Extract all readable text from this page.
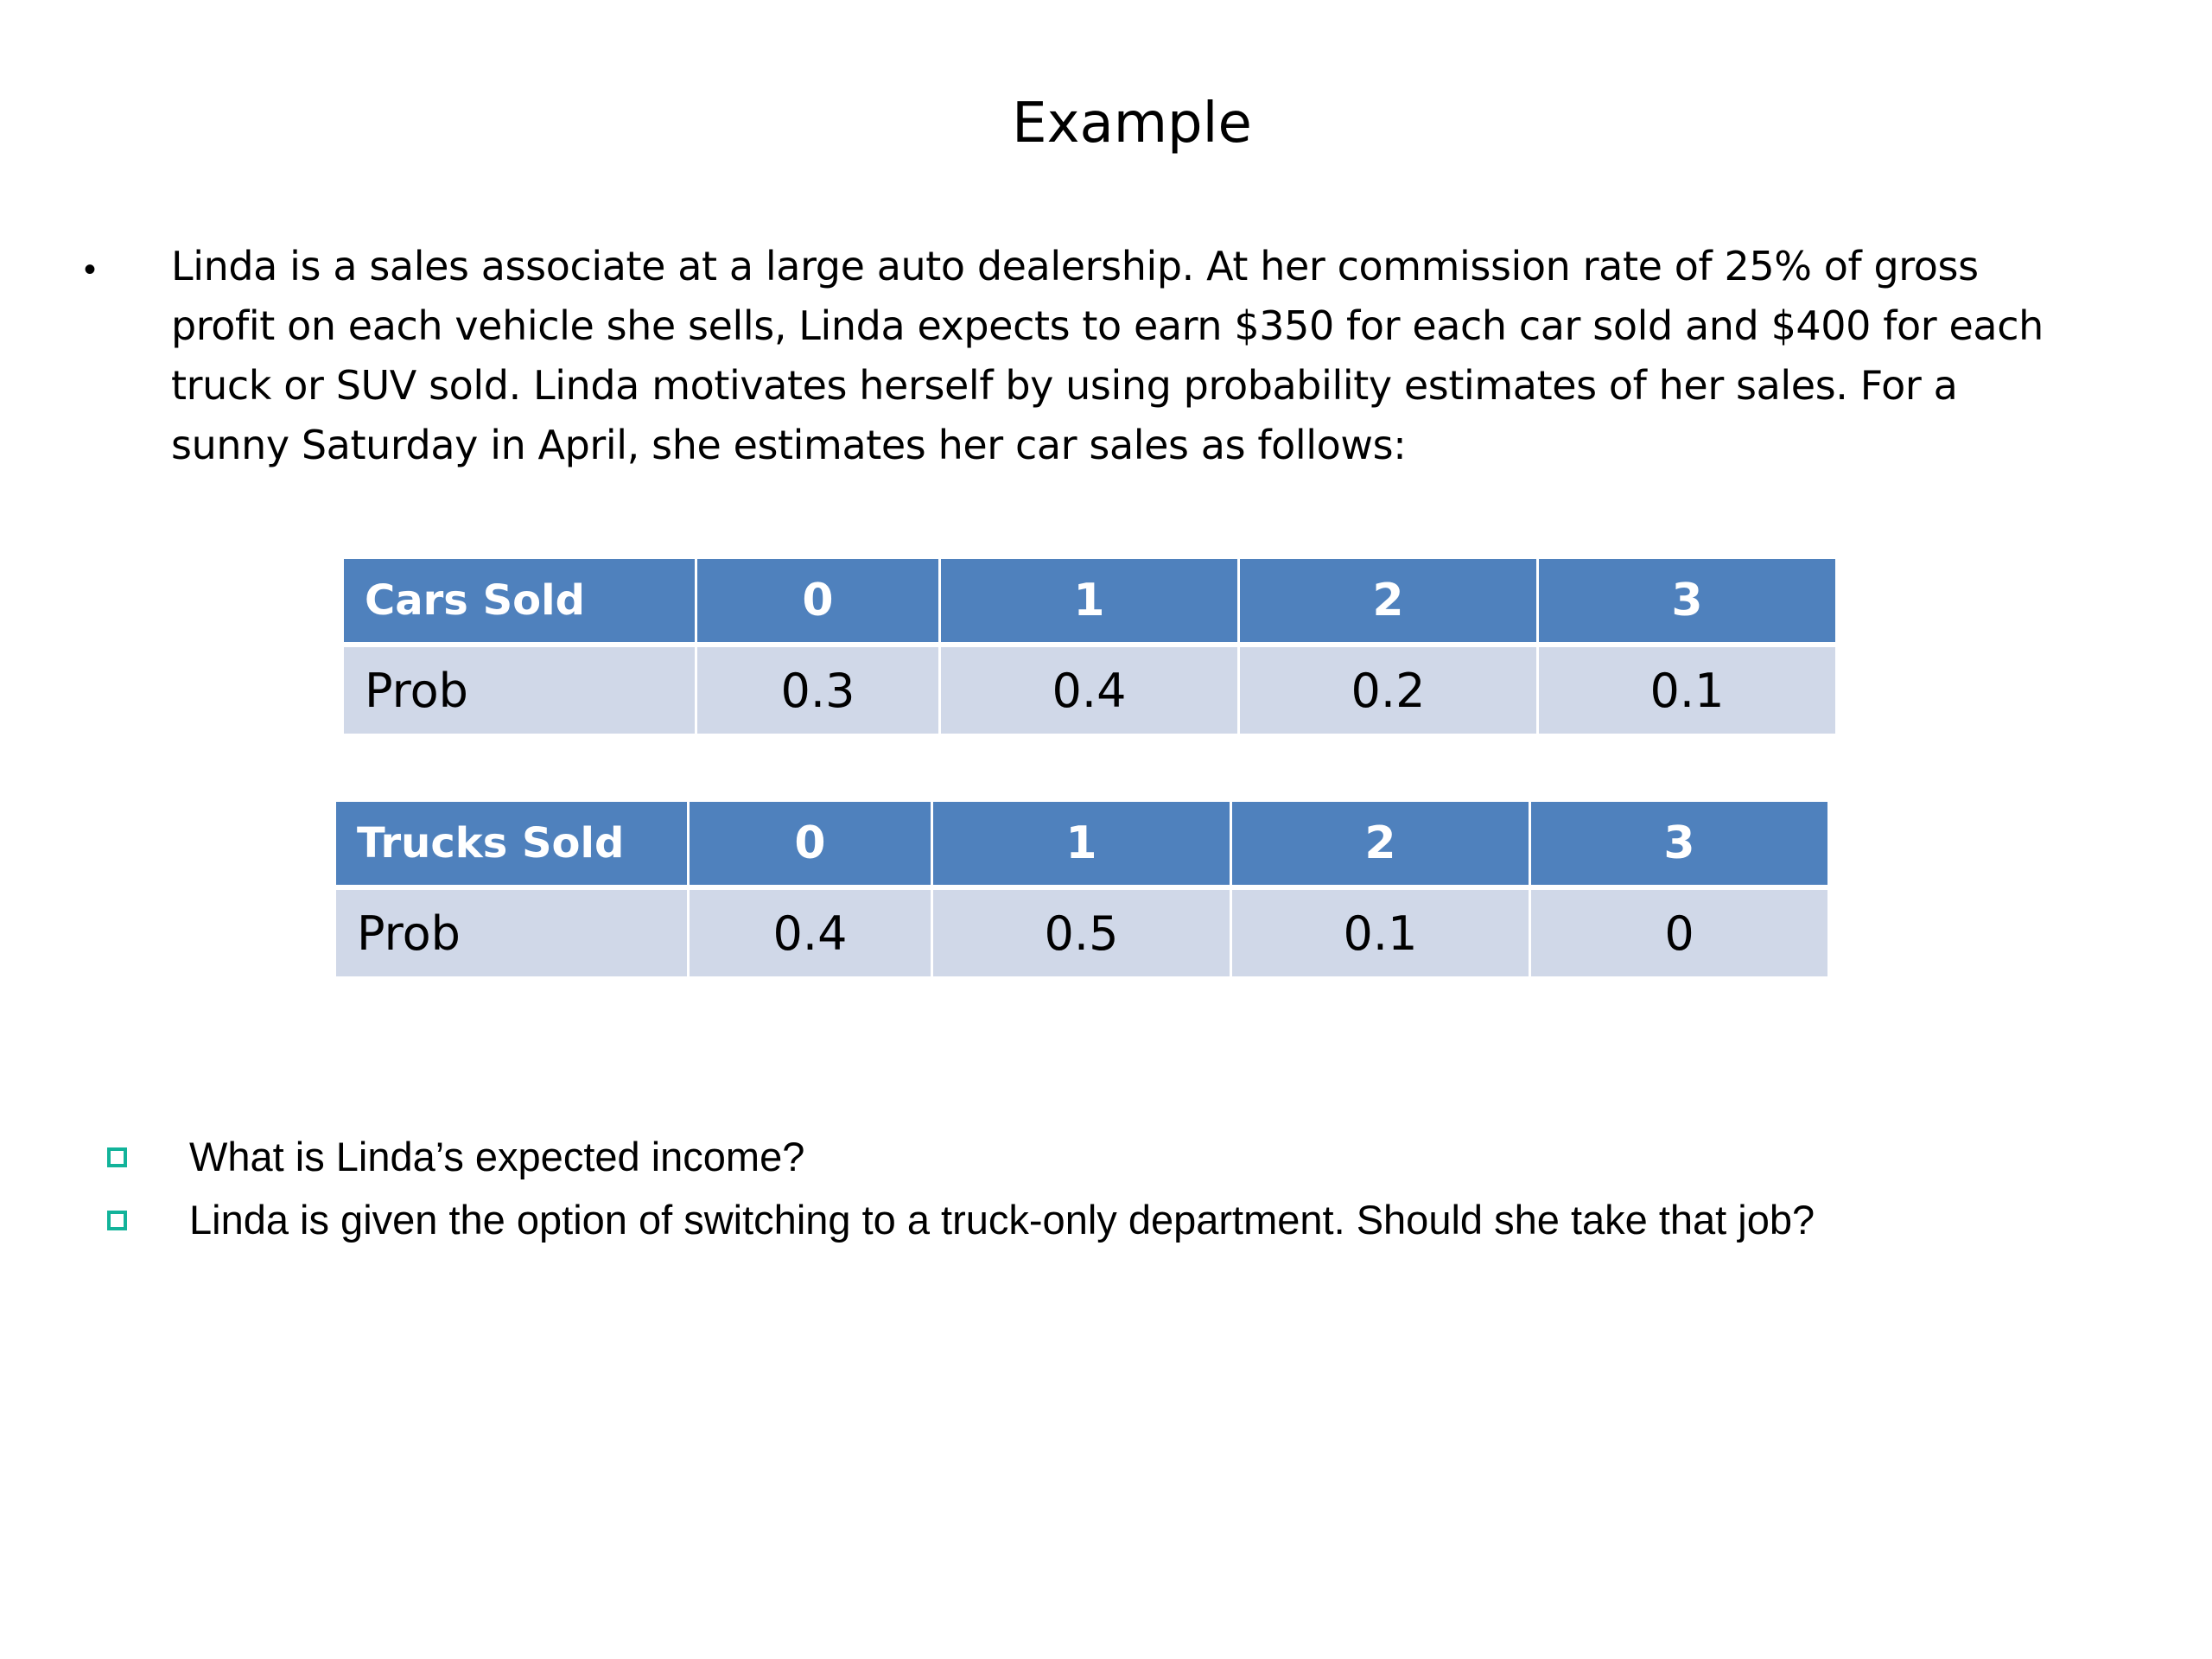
Example
• Linda is a sales associate at a large auto dealership. At her commission rate of 25% of gross
profit on each vehicle she sells, Linda expects to earn $350 for each car sold and $400 for each
truck or SUV sold. Linda motivates herself by using probability estimates of her sales. For a
sunny Saturday in April, she estimates her car sales as follows:
Cars Sold	0	1	2	3
Prob	0.3	0.4	0.2	0.1
Trucks Sold	0	1	2	3
Prob	0.4	0.5	0.1	0
What is Linda’s expected income?
Linda is given the option of switching to a truck-only department. Should she take that job?
